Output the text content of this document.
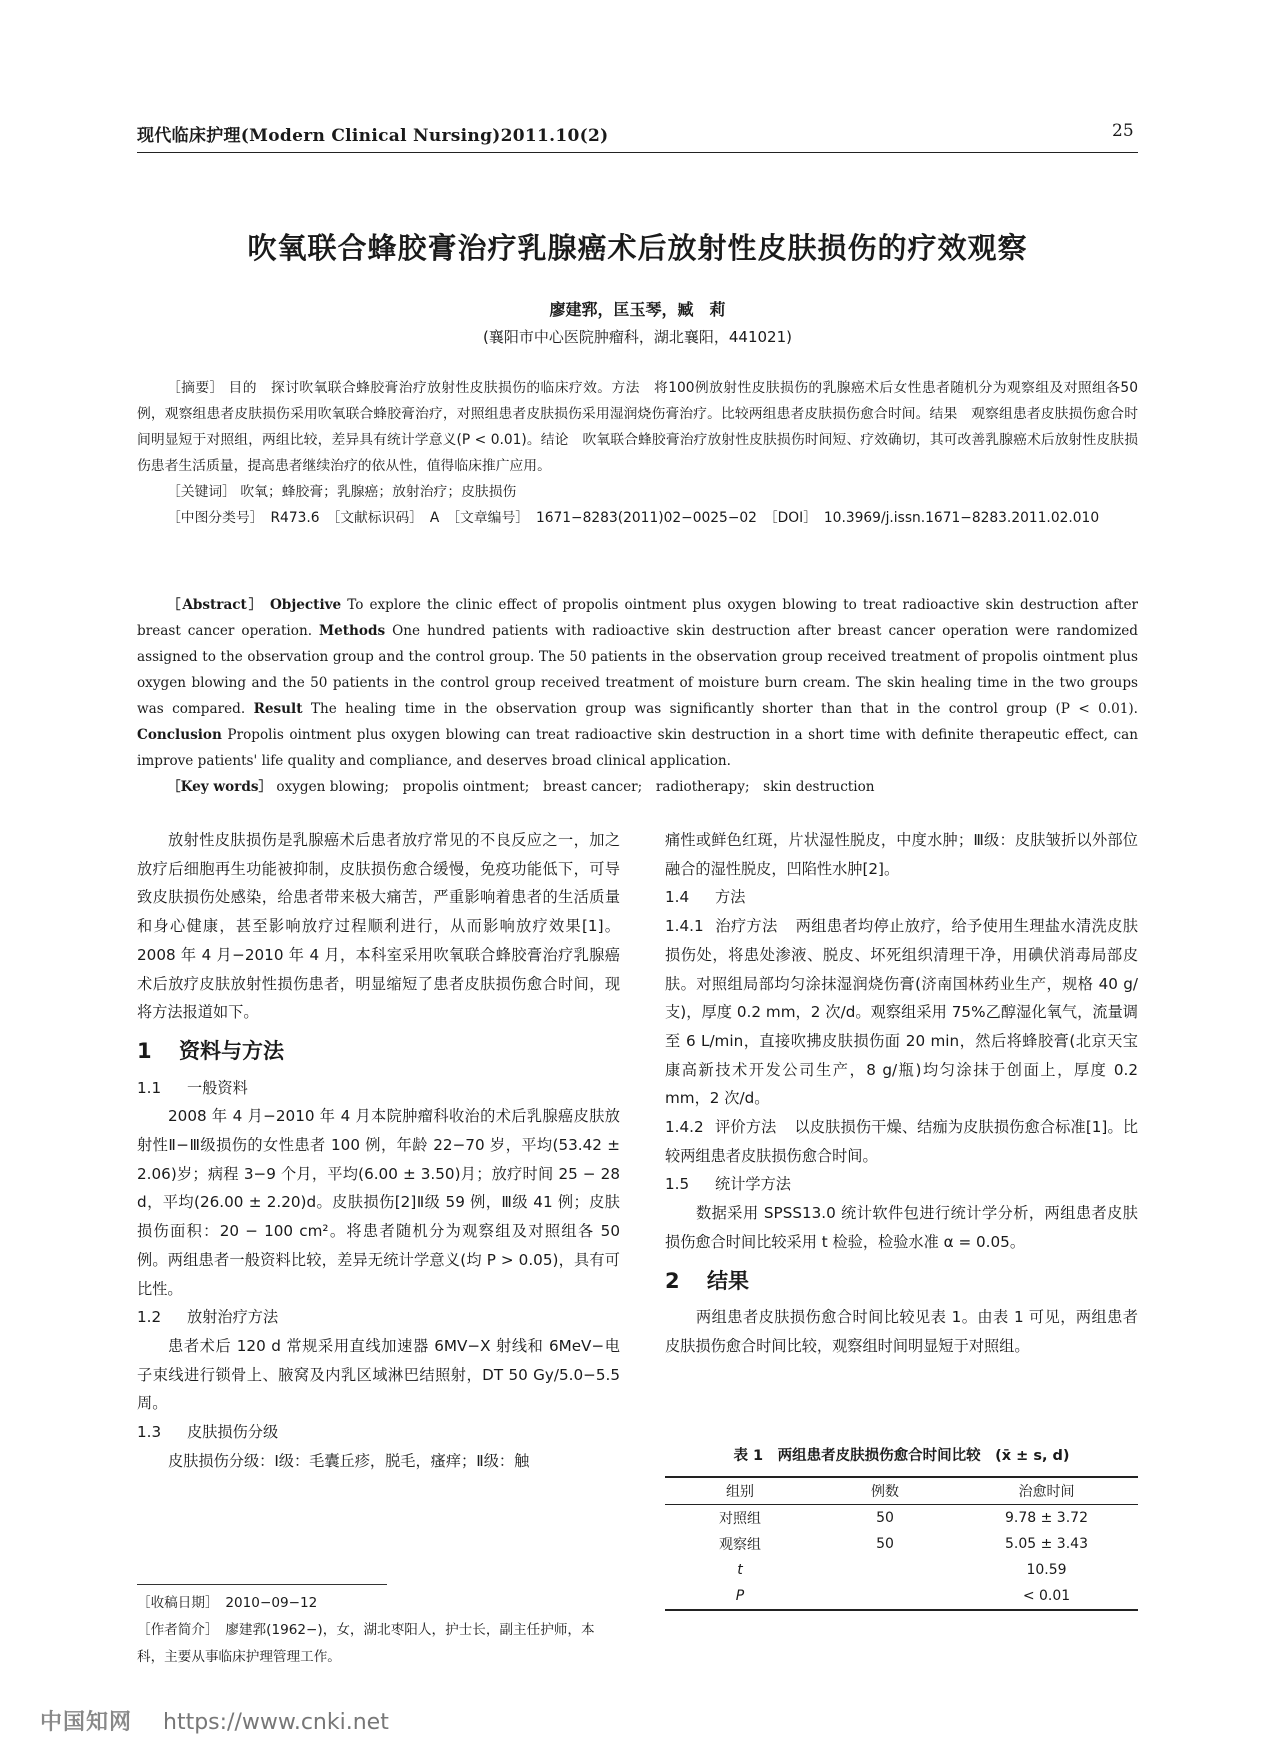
现代临床护理(Modern Clinical Nursing)2011.10(2)	25
吹氧联合蜂胶膏治疗乳腺癌术后放射性皮肤损伤的疗效观察
廖建郛，匡玉琴，臧　莉
(襄阳市中心医院肿瘤科，湖北襄阳，441021)

［摘要］ 目的　探讨吹氧联合蜂胶膏治疗放射性皮肤损伤的临床疗效。方法　将100例放射性皮肤损伤的乳腺癌术后女性患者随机分为观察组及对照组各50例，观察组患者皮肤损伤采用吹氧联合蜂胶膏治疗，对照组患者皮肤损伤采用湿润烧伤膏治疗。比较两组患者皮肤损伤愈合时间。结果　观察组患者皮肤损伤愈合时间明显短于对照组，两组比较，差异具有统计学意义(P < 0.01)。结论　吹氧联合蜂胶膏治疗放射性皮肤损伤时间短、疗效确切，其可改善乳腺癌术后放射性皮肤损伤患者生活质量，提高患者继续治疗的依从性，值得临床推广应用。

［关键词］ 吹氧；蜂胶膏；乳腺癌；放射治疗；皮肤损伤

［中图分类号］　R473.6　［文献标识码］　A　［文章编号］　1671−8283(2011)02−0025−02　［DOI］　10.3969/j.issn.1671−8283.2011.02.010

［Abstract］ Objective To explore the clinic effect of propolis ointment plus oxygen blowing to treat radioactive skin destruction after breast cancer operation. Methods One hundred patients with radioactive skin destruction after breast cancer operation were randomized assigned to the observation group and the control group. The 50 patients in the observation group received treatment of propolis ointment plus oxygen blowing and the 50 patients in the control group received treatment of moisture burn cream. The skin healing time in the two groups was compared. Result The healing time in the observation group was significantly shorter than that in the control group (P < 0.01). Conclusion Propolis ointment plus oxygen blowing can treat radioactive skin destruction in a short time with definite therapeutic effect, can improve patients' life quality and compliance, and deserves broad clinical application.

［Key words］ oxygen blowing;　propolis ointment;　breast cancer;　radiotherapy;　skin destruction

放射性皮肤损伤是乳腺癌术后患者放疗常见的不良反应之一，加之放疗后细胞再生功能被抑制，皮肤损伤愈合缓慢，免疫功能低下，可导致皮肤损伤处感染，给患者带来极大痛苦，严重影响着患者的生活质量和身心健康，甚至影响放疗过程顺利进行，从而影响放疗效果[1]。2008 年 4 月−2010 年 4 月，本科室采用吹氧联合蜂胶膏治疗乳腺癌术后放疗皮肤放射性损伤患者，明显缩短了患者皮肤损伤愈合时间，现将方法报道如下。

1 资料与方法

1.1 一般资料

2008 年 4 月−2010 年 4 月本院肿瘤科收治的术后乳腺癌皮肤放射性Ⅱ−Ⅲ级损伤的女性患者 100 例，年龄 22−70 岁，平均(53.42 ± 2.06)岁；病程 3−9 个月，平均(6.00 ± 3.50)月；放疗时间 25 − 28 d，平均(26.00 ± 2.20)d。皮肤损伤[2]Ⅱ级 59 例，Ⅲ级 41 例；皮肤损伤面积：20 − 100 cm²。将患者随机分为观察组及对照组各 50 例。两组患者一般资料比较，差异无统计学意义(均 P > 0.05)，具有可比性。

1.2 放射治疗方法

患者术后 120 d 常规采用直线加速器 6MV−X 射线和 6MeV−电子束线进行锁骨上、腋窝及内乳区域淋巴结照射，DT 50 Gy/5.0−5.5 周。

1.3 皮肤损伤分级

皮肤损伤分级：Ⅰ级：毛囊丘疹，脱毛，瘙痒；Ⅱ级：触

［收稿日期］　2010−09−12

［作者简介］　廖建郛(1962−)，女，湖北枣阳人，护士长，副主任护师，本科，主要从事临床护理管理工作。

痛性或鲜色红斑，片状湿性脱皮，中度水肿；Ⅲ级：皮肤皱折以外部位融合的湿性脱皮，凹陷性水肿[2]。

1.4 方法

1.4.1 治疗方法 两组患者均停止放疗，给予使用生理盐水清洗皮肤损伤处，将患处渗液、脱皮、坏死组织清理干净，用碘伏消毒局部皮肤。对照组局部均匀涂抹湿润烧伤膏(济南国林药业生产，规格 40 g/支)，厚度 0.2 mm，2 次/d。观察组采用 75%乙醇湿化氧气，流量调至 6 L/min，直接吹拂皮肤损伤面 20 min，然后将蜂胶膏(北京天宝康高新技术开发公司生产，8 g/瓶)均匀涂抹于创面上，厚度 0.2 mm，2 次/d。

1.4.2 评价方法 以皮肤损伤干燥、结痂为皮肤损伤愈合标准[1]。比较两组患者皮肤损伤愈合时间。

1.5 统计学方法

数据采用 SPSS13.0 统计软件包进行统计学分析，两组患者皮肤损伤愈合时间比较采用 t 检验，检验水准 α = 0.05。

2 结果

两组患者皮肤损伤愈合时间比较见表 1。由表 1 可见，两组患者皮肤损伤愈合时间比较，观察组时间明显短于对照组。

表 1　两组患者皮肤损伤愈合时间比较　(x̄ ± s, d)
组别	例数	治愈时间
对照组	50	9.78 ± 3.72
观察组	50	5.05 ± 3.43
t		10.59
P		< 0.01
中国知网 https://www.cnki.net
